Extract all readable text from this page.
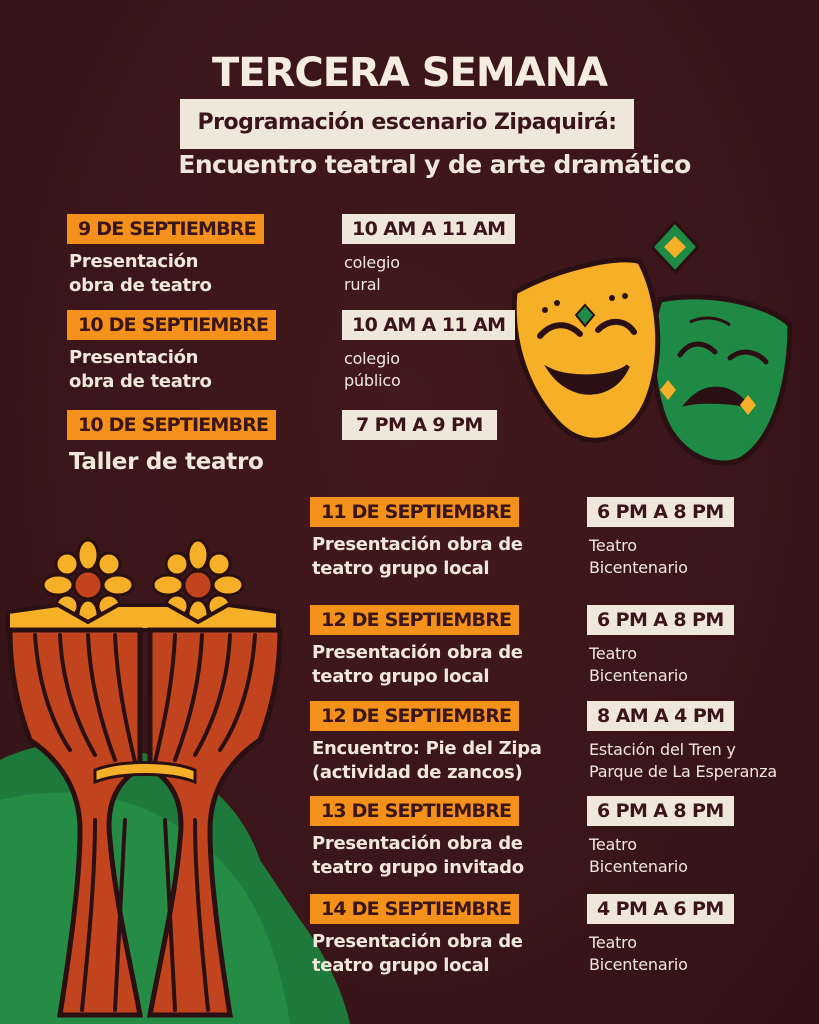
TERCERA SEMANA
Programación escenario Zipaquirá:
Encuentro teatral y de arte dramático
9 DE SEPTIEMBRE	10 AM A 11 AM
Presentación
obra de teatro
colegio
rural
10 DE SEPTIEMBRE	10 AM A 11 AM
Presentación
obra de teatro
colegio
público
10 DE SEPTIEMBRE	7 PM A 9 PM
Taller de teatro
11 DE SEPTIEMBRE	6 PM A 8 PM
Presentación obra de
teatro grupo local
Teatro
Bicentenario
12 DE SEPTIEMBRE	6 PM A 8 PM
Presentación obra de
teatro grupo local
Teatro
Bicentenario
12 DE SEPTIEMBRE	8 AM A 4 PM
Encuentro: Pie del Zipa
(actividad de zancos)
Estación del Tren y
Parque de La Esperanza
13 DE SEPTIEMBRE	6 PM A 8 PM
Presentación obra de
teatro grupo invitado
Teatro
Bicentenario
14 DE SEPTIEMBRE	4 PM A 6 PM
Presentación obra de
teatro grupo local
Teatro
Bicentenario
